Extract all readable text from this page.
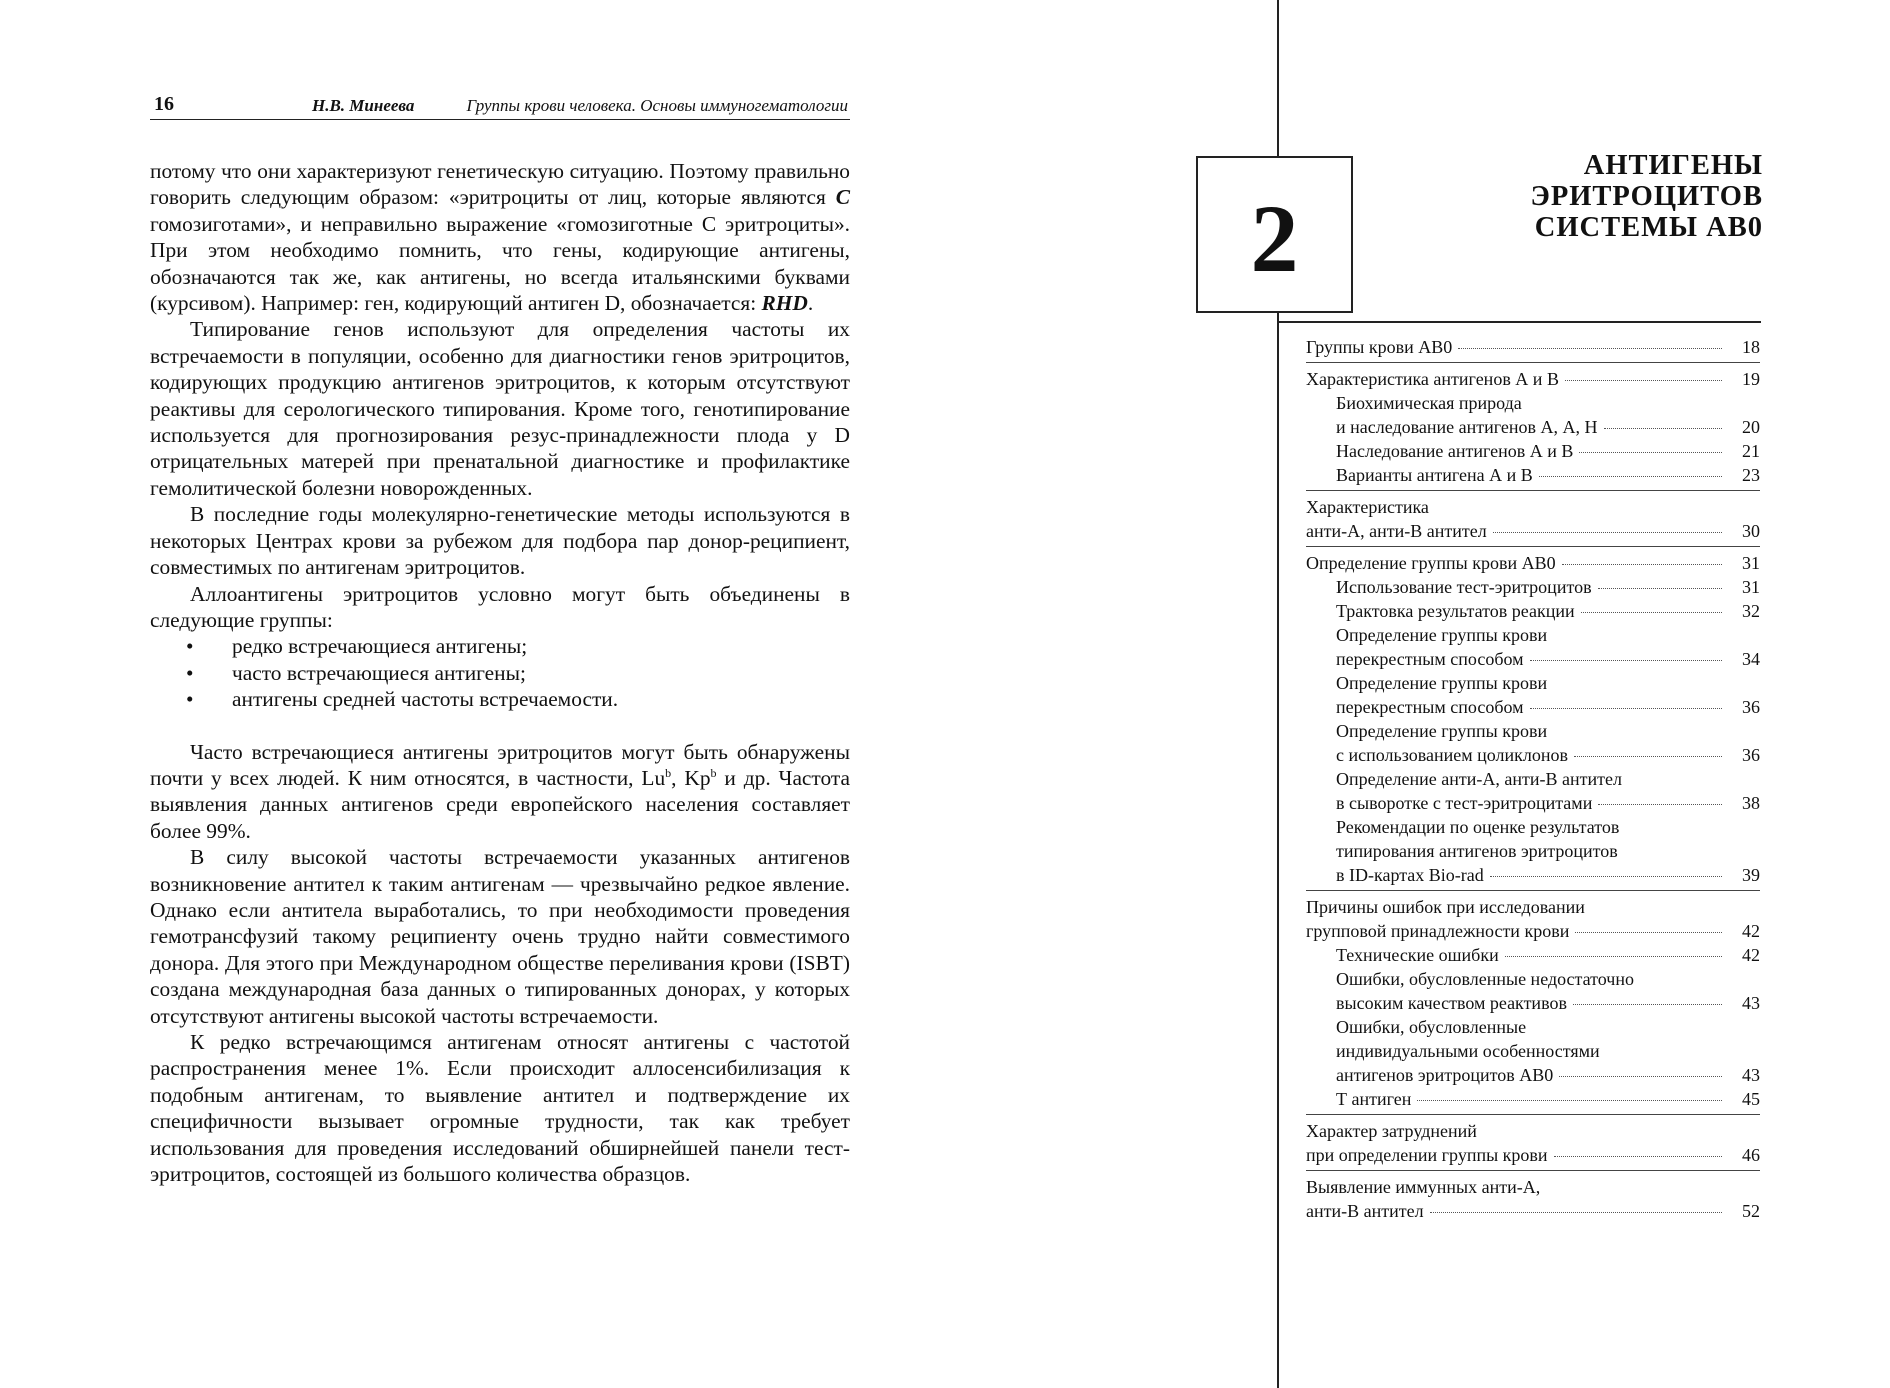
16	Н.В. Минеева	Группы крови человека. Основы иммуногематологии

потому что они характеризуют генетическую ситуацию. Поэтому правильно говорить следующим образом: «эритроциты от лиц, которые являются C гомозиготами», и неправильно выражение «гомозиготные С эритроциты». При этом необходимо помнить, что гены, кодирующие антигены, обозначаются так же, как антигены, но всегда итальянскими буквами (курсивом). Например: ген, кодирующий антиген D, обозначается: RHD.

Типирование генов используют для определения частоты их встречаемости в популяции, особенно для диагностики генов эритроцитов, кодирующих продукцию антигенов эритроцитов, к которым отсутствуют реактивы для серологического типирования. Кроме того, генотипирование используется для прогнозирования резус-принадлежности плода у D отрицательных матерей при пренатальной диагностике и профилактике гемолитической болезни новорожденных.

В последние годы молекулярно-генетические методы используются в некоторых Центрах крови за рубежом для подбора пар донор-реципиент, совместимых по антигенам эритроцитов.

Аллоантигены эритроцитов условно могут быть объединены в следующие группы:

• редко встречающиеся антигены;
• часто встречающиеся антигены;
• антигены средней частоты встречаемости.

Часто встречающиеся антигены эритроцитов могут быть обнаружены почти у всех людей. К ним относятся, в частности, Lu$^b$, Kp$^b$ и др. Частота выявления данных антигенов среди европейского населения составляет более 99%.

В силу высокой частоты встречаемости указанных антигенов возникновение антител к таким антигенам — чрезвычайно редкое явление. Однако если антитела выработались, то при необходимости проведения гемотрансфузий такому реципиенту очень трудно найти совместимого донора. Для этого при Международном обществе переливания крови (ISBT) создана международная база данных о типированных донорах, у которых отсутствуют антигены высокой частоты встречаемости.

К редко встречающимся антигенам относят антигены с частотой распространения менее 1%. Если происходит аллосенсибилизация к подобным антигенам, то выявление антител и подтверждение их специфичности вызывает огромные трудности, так как требует использования для проведения исследований обширнейшей панели тест-эритроцитов, состоящей из большого количества образцов.

2
АНТИГЕНЫ
ЭРИТРОЦИТОВ
СИСТЕМЫ АВ0
Группы крови АВ0	18
Характеристика антигенов А и В	19
Биохимическая природа
и наследование антигенов А, А, Н	20
Наследование антигенов А и В	21
Варианты антигена А и В	23
Характеристика
анти-А, анти-В антител	30
Определение группы крови АВ0	31
Использование тест-эритроцитов	31
Трактовка результатов реакции	32
Определение группы крови
перекрестным способом	34
Определение группы крови
перекрестным способом	36
Определение группы крови
с использованием цоликлонов	36
Определение анти-А, анти-В антител
в сыворотке с тест-эритроцитами	38
Рекомендации по оценке результатов
типирования антигенов эритроцитов
в ID-картах Bio-rad	39
Причины ошибок при исследовании
групповой принадлежности крови	42
Технические ошибки	42
Ошибки, обусловленные недостаточно
высоким качеством реактивов	43
Ошибки, обусловленные
индивидуальными особенностями
антигенов эритроцитов АВ0	43
Т антиген	45
Характер затруднений
при определении группы крови	46
Выявление иммунных анти-А,
анти-В антител	52
